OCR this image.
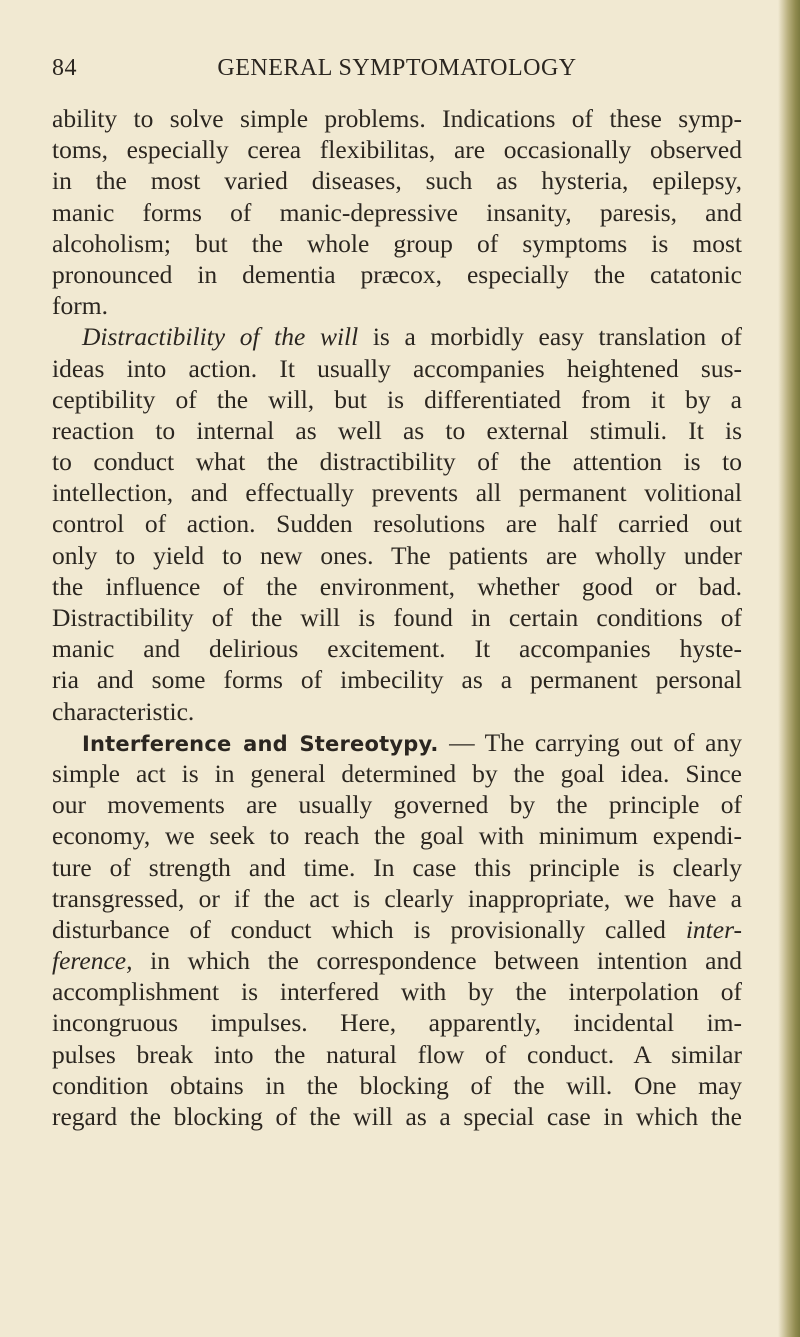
84	GENERAL SYMPTOMATOLOGY
ability to solve simple problems. Indications of these symp-
toms, especially cerea flexibilitas, are occasionally observed
in the most varied diseases, such as hysteria, epilepsy,
manic forms of manic-depressive insanity, paresis, and
alcoholism; but the whole group of symptoms is most
pronounced in dementia præcox, especially the catatonic
form.
Distractibility of the will is a morbidly easy translation of
ideas into action. It usually accompanies heightened sus-
ceptibility of the will, but is differentiated from it by a
reaction to internal as well as to external stimuli. It is
to conduct what the distractibility of the attention is to
intellection, and effectually prevents all permanent volitional
control of action. Sudden resolutions are half carried out
only to yield to new ones. The patients are wholly under
the influence of the environment, whether good or bad.
Distractibility of the will is found in certain conditions of
manic and delirious excitement. It accompanies hyste-
ria and some forms of imbecility as a permanent personal
characteristic.
Interference and Stereotypy. — The carrying out of any
simple act is in general determined by the goal idea. Since
our movements are usually governed by the principle of
economy, we seek to reach the goal with minimum expendi-
ture of strength and time. In case this principle is clearly
transgressed, or if the act is clearly inappropriate, we have a
disturbance of conduct which is provisionally called inter-
ference, in which the correspondence between intention and
accomplishment is interfered with by the interpolation of
incongruous impulses. Here, apparently, incidental im-
pulses break into the natural flow of conduct. A similar
condition obtains in the blocking of the will. One may
regard the blocking of the will as a special case in which the
